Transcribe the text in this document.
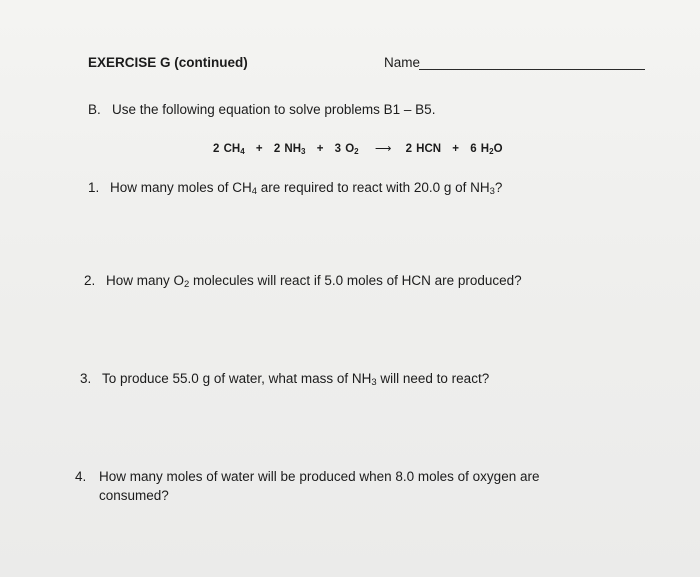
EXERCISE G (continued)	Name
B. Use the following equation to solve problems B1 – B5.
2 $CH_4 + 2$ $NH_3 + 3$ $O_2$ ⟶ 2 HCN + 6 $H_2O$
1. How many moles of $CH_4$ are required to react with 20.0 g of $NH_3$?
2. How many $O_2$ molecules will react if 5.0 moles of HCN are produced?
3. To produce 55.0 g of water, what mass of $NH_3$ will need to react?
4. How many moles of water will be produced when 8.0 moles of oxygen are
consumed?
